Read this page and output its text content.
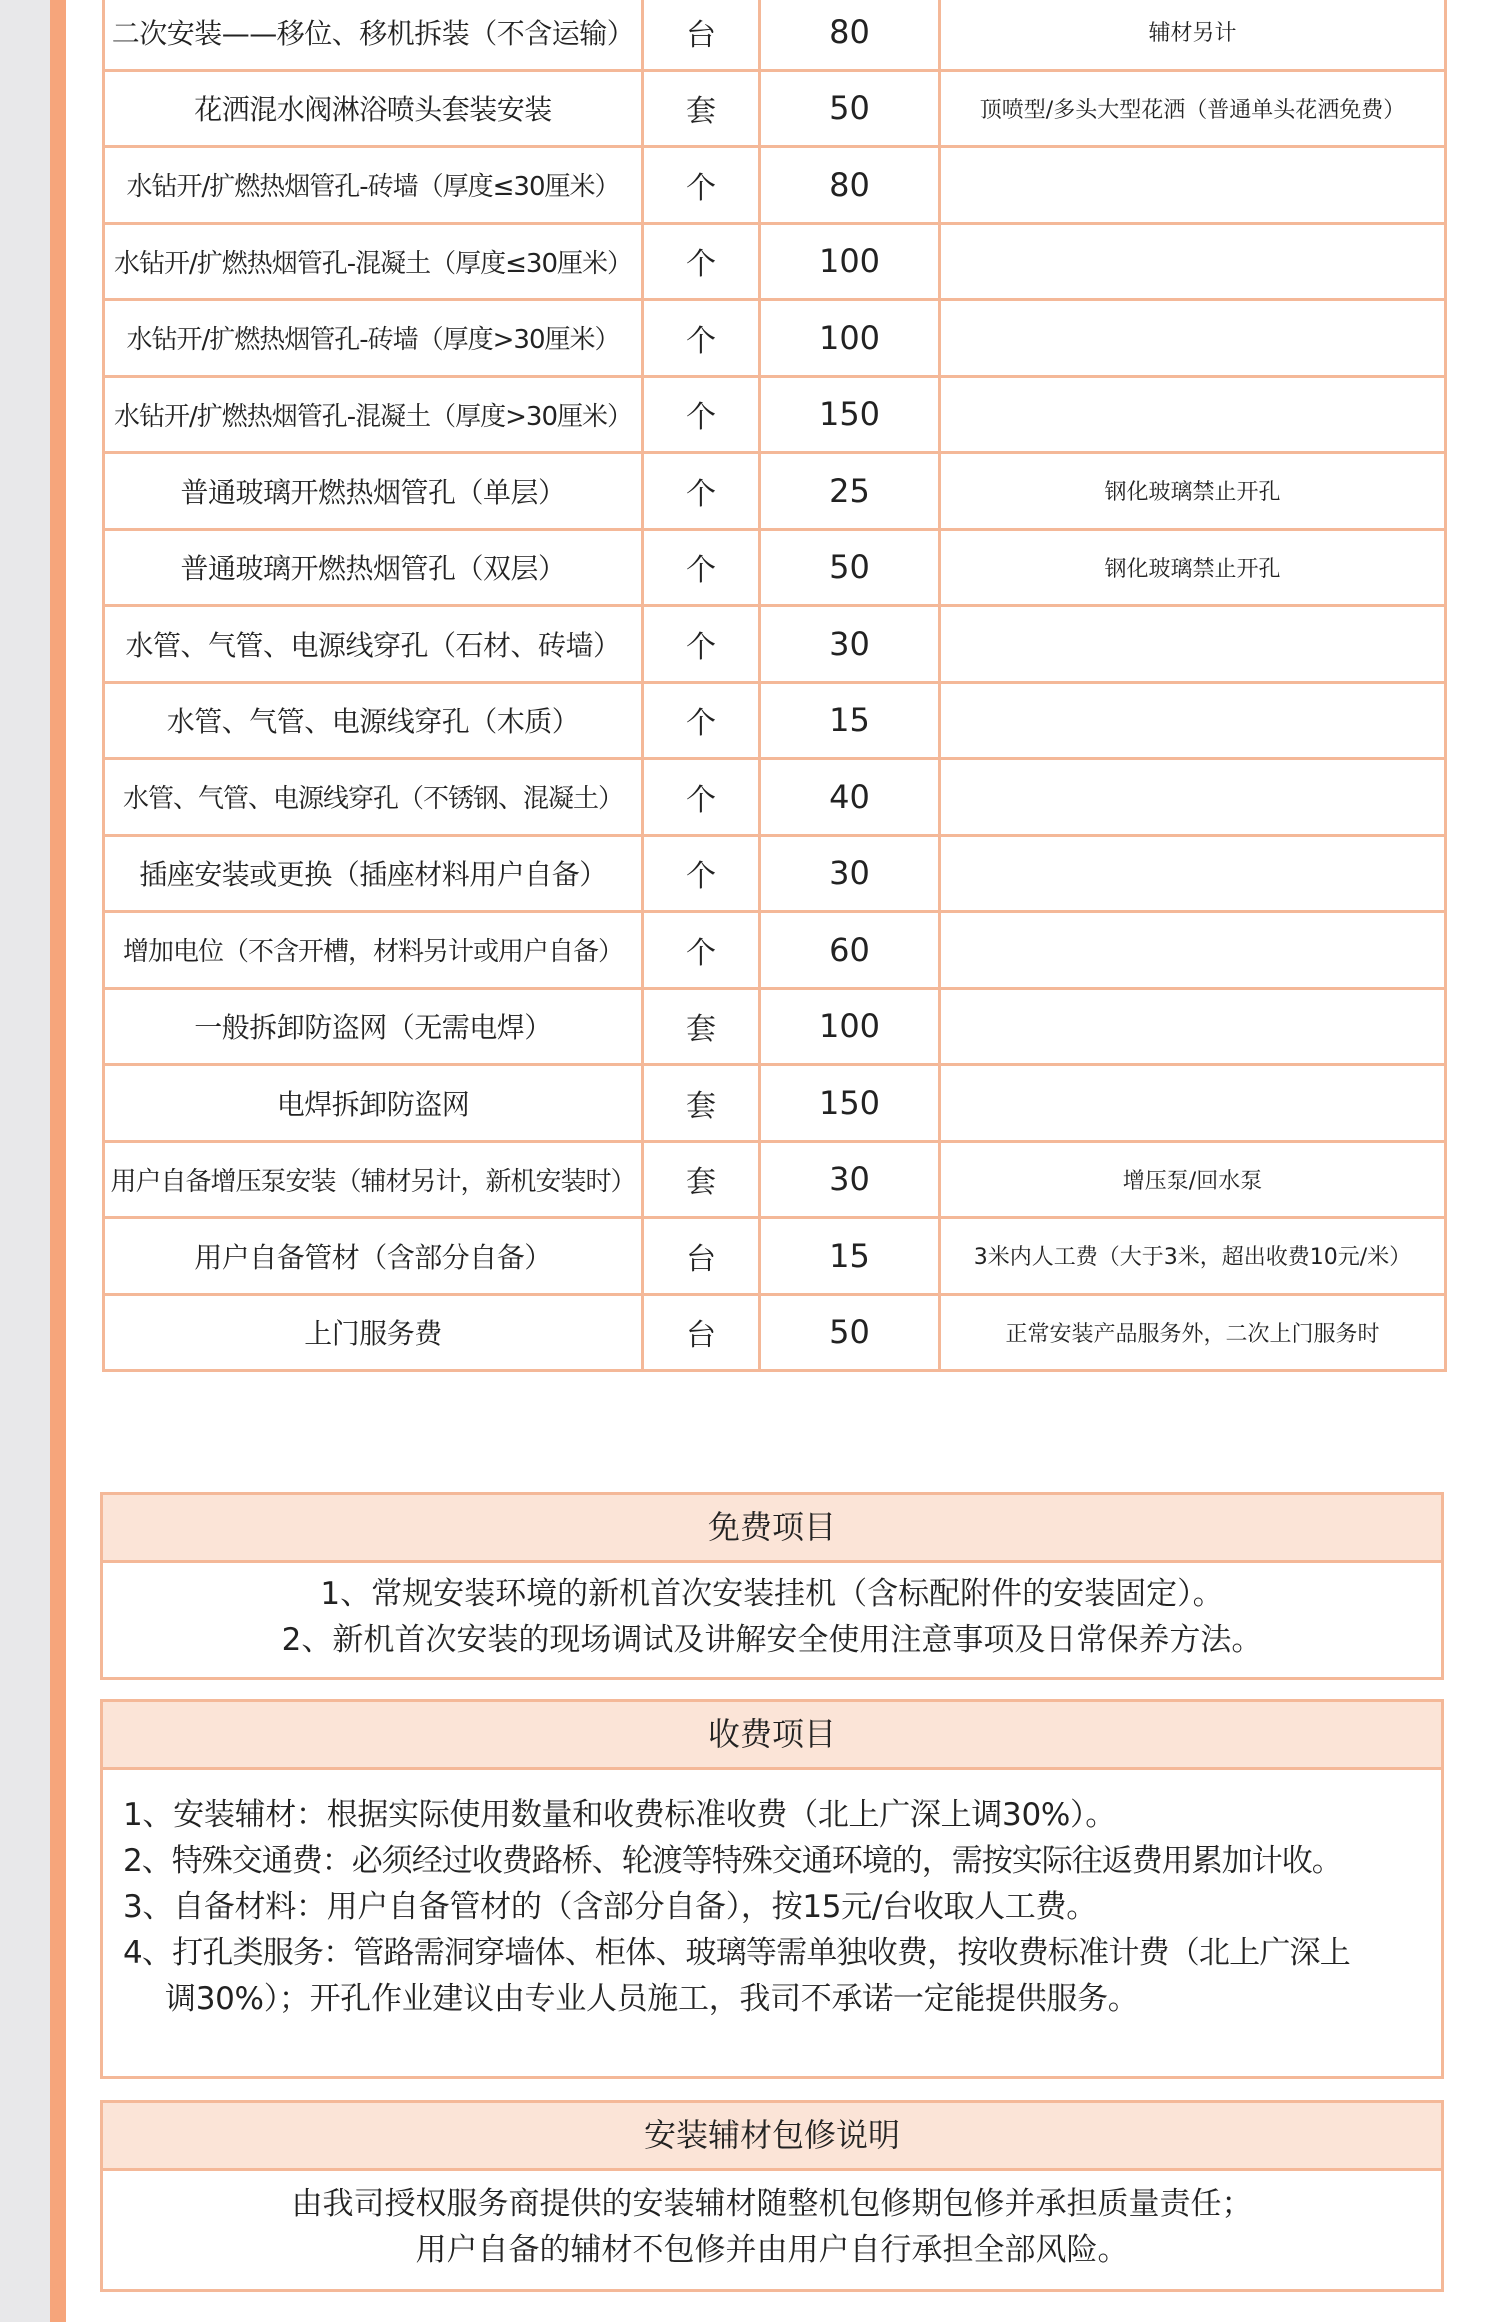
二次安装——移位、移机拆装（不含运输）	台	80	辅材另计
花洒混水阀淋浴喷头套装安装	套	50	顶喷型/多头大型花洒（普通单头花洒免费）
水钻开/扩燃热烟管孔-砖墙（厚度≤30厘米）	个	80	
水钻开/扩燃热烟管孔-混凝土（厚度≤30厘米）	个	100	
水钻开/扩燃热烟管孔-砖墙（厚度>30厘米）	个	100	
水钻开/扩燃热烟管孔-混凝土（厚度>30厘米）	个	150	
普通玻璃开燃热烟管孔（单层）	个	25	钢化玻璃禁止开孔
普通玻璃开燃热烟管孔（双层）	个	50	钢化玻璃禁止开孔
水管、气管、电源线穿孔（石材、砖墙）	个	30	
水管、气管、电源线穿孔（木质）	个	15	
水管、气管、电源线穿孔（不锈钢、混凝土）	个	40	
插座安装或更换（插座材料用户自备）	个	30	
增加电位（不含开槽，材料另计或用户自备）	个	60	
一般拆卸防盗网（无需电焊）	套	100	
电焊拆卸防盗网	套	150	
用户自备增压泵安装（辅材另计，新机安装时）	套	30	增压泵/回水泵
用户自备管材（含部分自备）	台	15	3米内人工费（大于3米，超出收费10元/米）
上门服务费	台	50	正常安装产品服务外，二次上门服务时
免费项目
1、常规安装环境的新机首次安装挂机（含标配附件的安装固定）。
2、新机首次安装的现场调试及讲解安全使用注意事项及日常保养方法。
收费项目
1、安装辅材：根据实际使用数量和收费标准收费（北上广深上调30%）。
2、特殊交通费：必须经过收费路桥、轮渡等特殊交通环境的，需按实际往返费用累加计收。
3、自备材料：用户自备管材的（含部分自备），按15元/台收取人工费。
4、打孔类服务：管路需洞穿墙体、柜体、玻璃等需单独收费，按收费标准计费（北上广深上
调30%）；开孔作业建议由专业人员施工，我司不承诺一定能提供服务。
安装辅材包修说明
由我司授权服务商提供的安装辅材随整机包修期包修并承担质量责任；
用户自备的辅材不包修并由用户自行承担全部风险。
